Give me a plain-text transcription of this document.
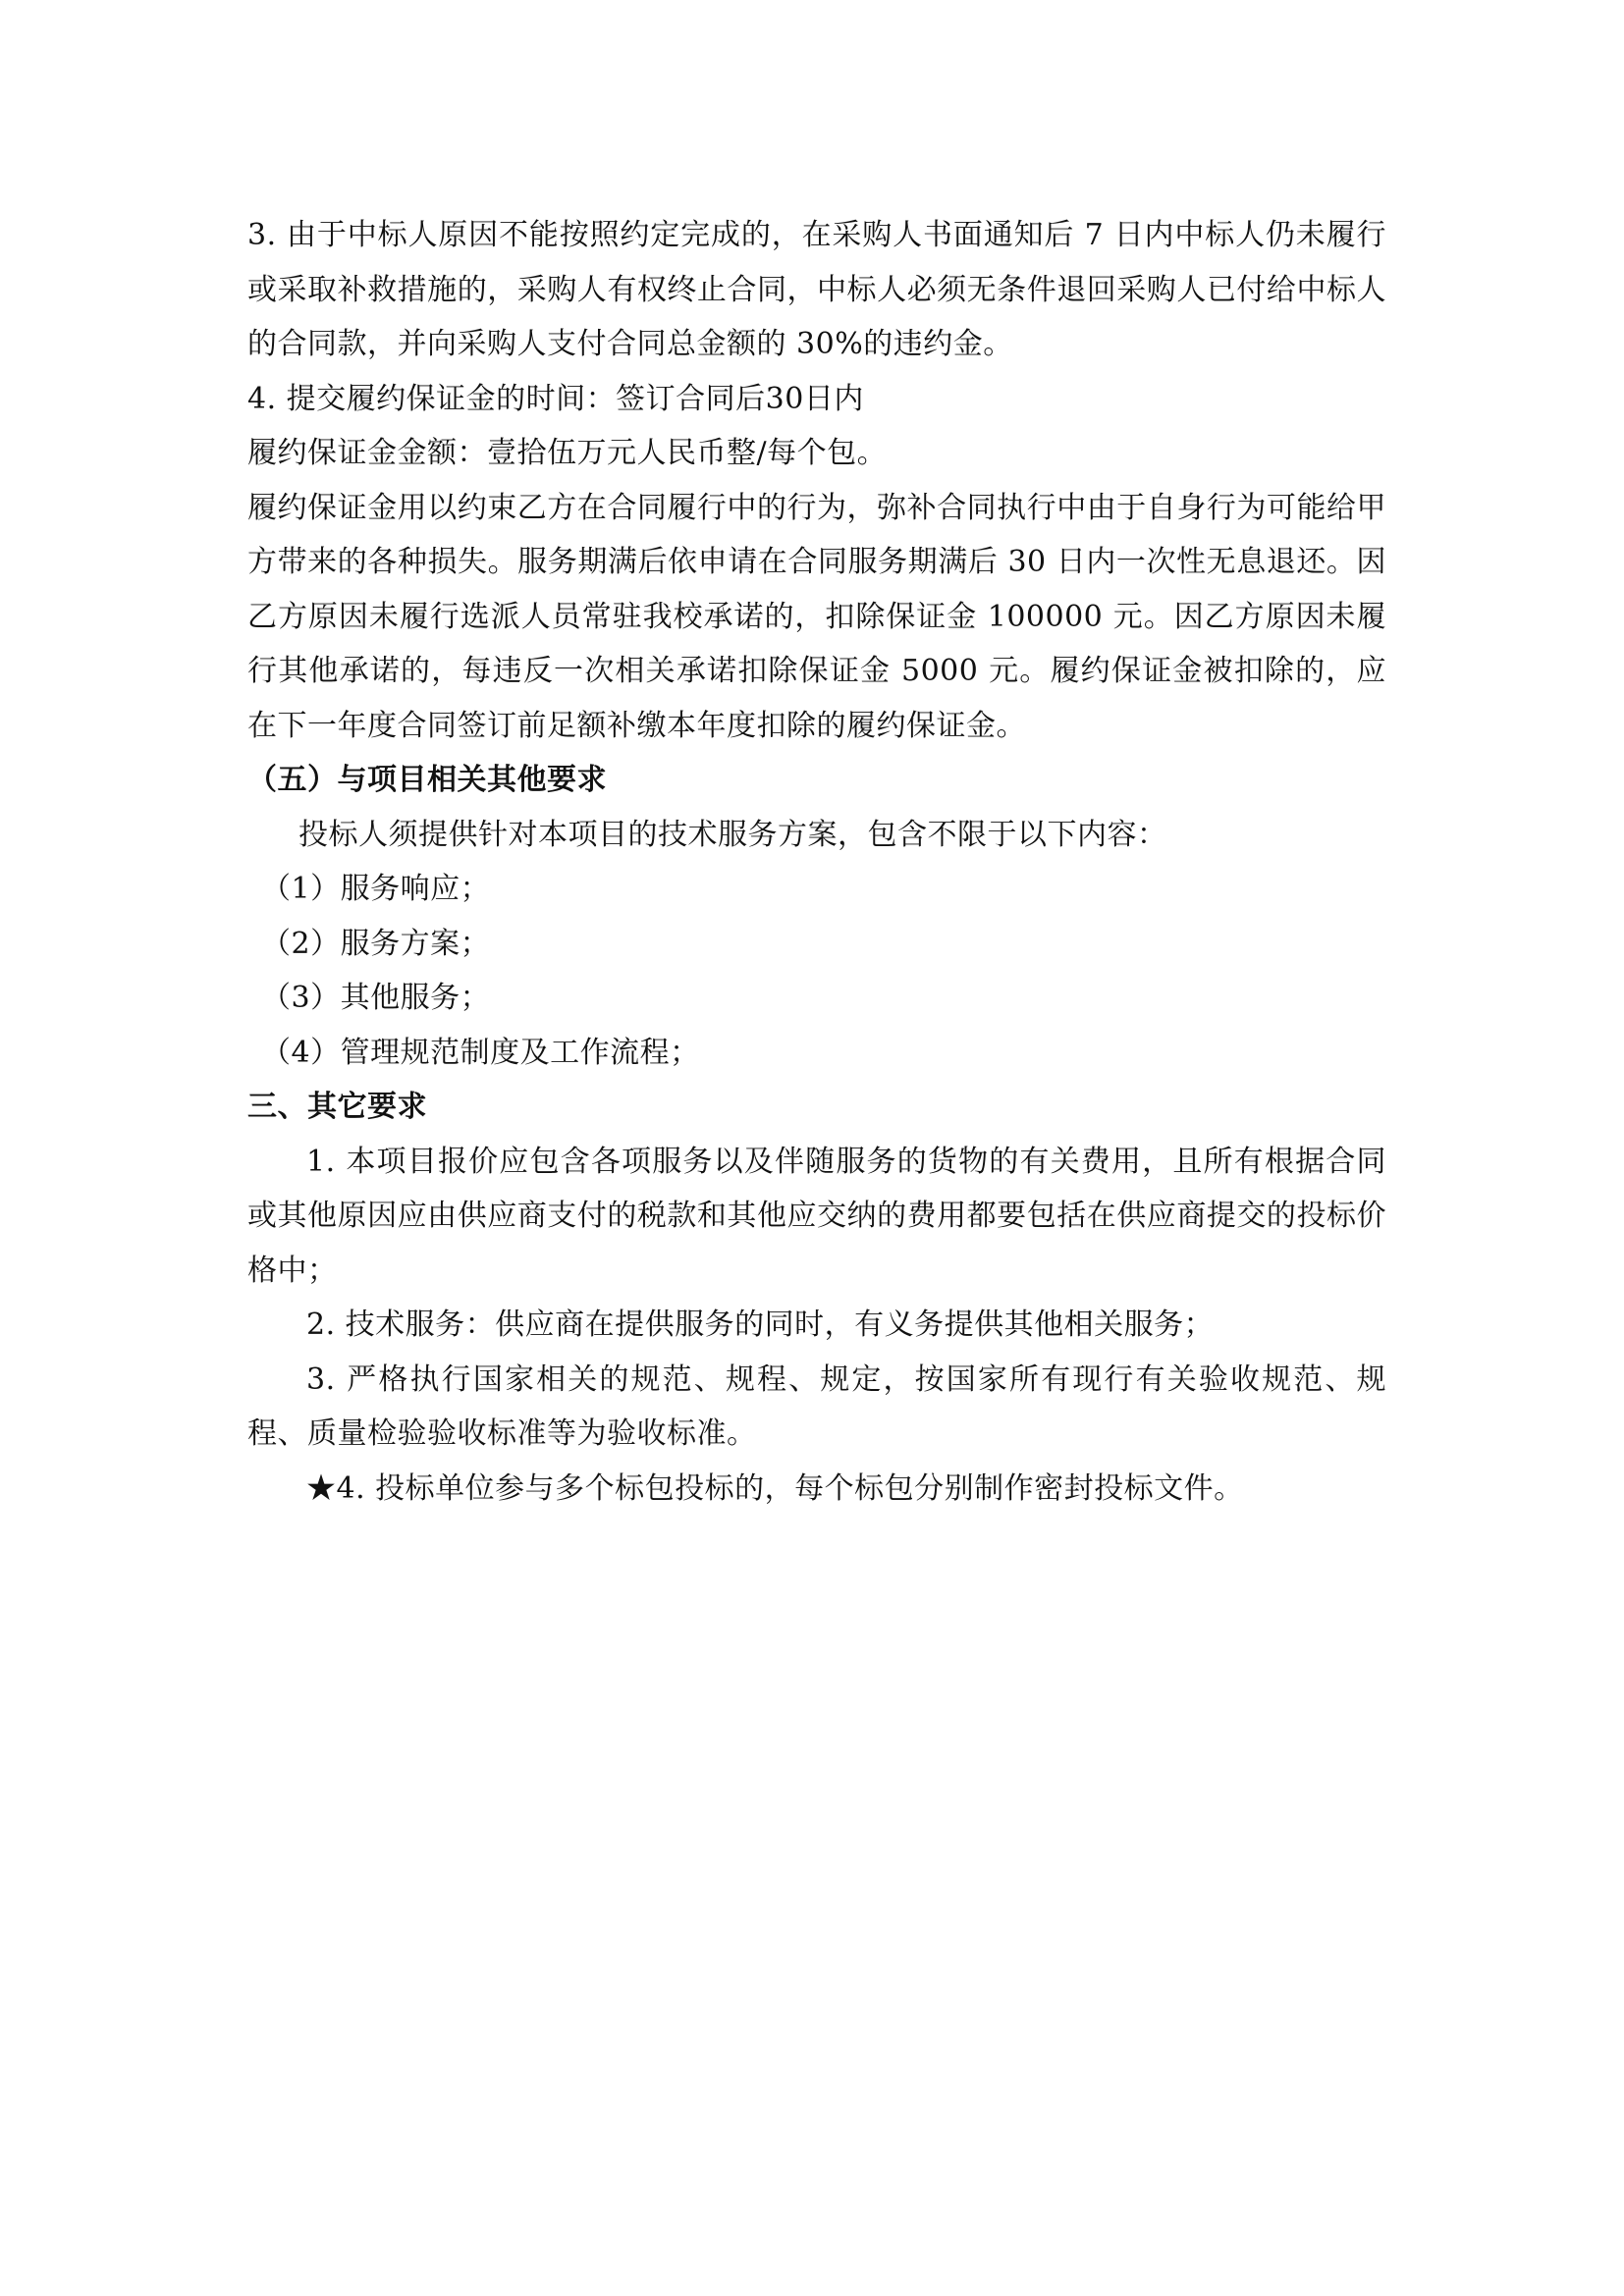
3. 由于中标人原因不能按照约定完成的，在采购人书面通知后 7 日内中标人仍未履行或采取补救措施的，采购人有权终止合同，中标人必须无条件退回采购人已付给中标人的合同款，并向采购人支付合同总金额的 30%的违约金。

4. 提交履约保证金的时间：签订合同后30日内

履约保证金金额：壹拾伍万元人民币整/每个包。

履约保证金用以约束乙方在合同履行中的行为，弥补合同执行中由于自身行为可能给甲方带来的各种损失。服务期满后依申请在合同服务期满后 30 日内一次性无息退还。因乙方原因未履行选派人员常驻我校承诺的，扣除保证金 100000 元。因乙方原因未履行其他承诺的，每违反一次相关承诺扣除保证金 5000 元。履约保证金被扣除的，应在下一年度合同签订前足额补缴本年度扣除的履约保证金。

（五）与项目相关其他要求

投标人须提供针对本项目的技术服务方案，包含不限于以下内容：

（1）服务响应；

（2）服务方案；

（3）其他服务；

（4）管理规范制度及工作流程；

三、其它要求

1. 本项目报价应包含各项服务以及伴随服务的货物的有关费用，且所有根据合同或其他原因应由供应商支付的税款和其他应交纳的费用都要包括在供应商提交的投标价格中；

2. 技术服务：供应商在提供服务的同时，有义务提供其他相关服务；

3. 严格执行国家相关的规范、规程、规定，按国家所有现行有关验收规范、规程、质量检验验收标准等为验收标准。

★4. 投标单位参与多个标包投标的，每个标包分别制作密封投标文件。
